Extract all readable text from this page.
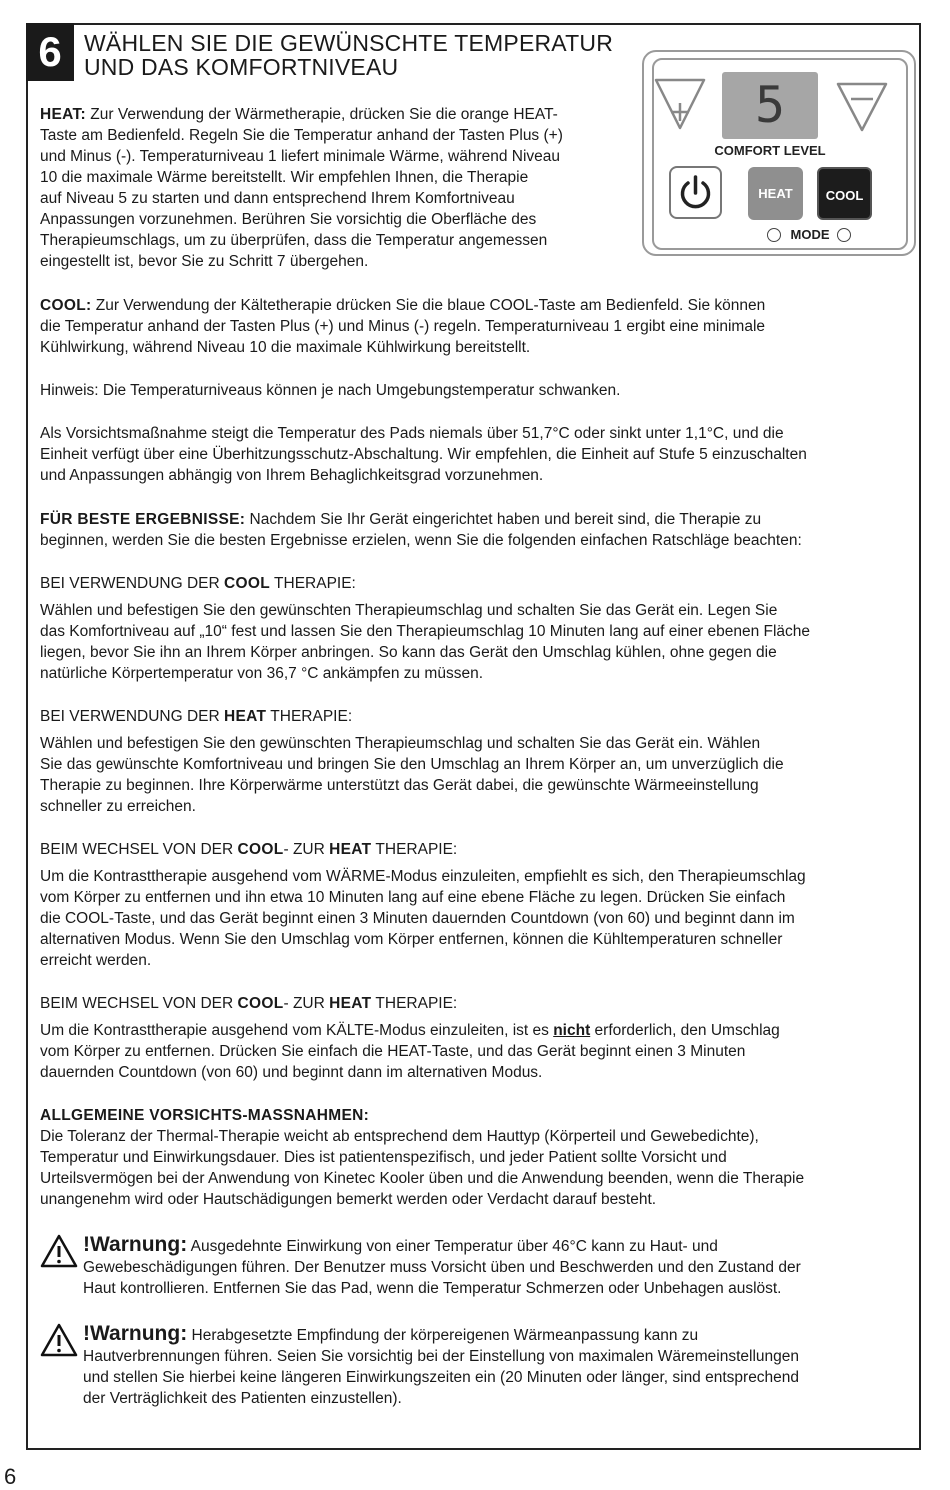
6 WÄHLEN SIE DIE GEWÜNSCHTE TEMPERATUR
UND DAS KOMFORTNIVEAU
5
COMFORT LEVEL
HEAT	COOL
MODE

HEAT: Zur Verwendung der Wärmetherapie, drücken Sie die orange HEAT-

Taste am Bedienfeld. Regeln Sie die Temperatur anhand der Tasten Plus (+)

und Minus (-). Temperaturniveau 1 liefert minimale Wärme, während Niveau

10 die maximale Wärme bereitstellt. Wir empfehlen Ihnen, die Therapie

auf Niveau 5 zu starten und dann entsprechend Ihrem Komfortniveau

Anpassungen vorzunehmen. Berühren Sie vorsichtig die Oberfläche des

Therapieumschlags, um zu überprüfen, dass die Temperatur angemessen

eingestellt ist, bevor Sie zu Schritt 7 übergehen.

COOL: Zur Verwendung der Kältetherapie drücken Sie die blaue COOL-Taste am Bedienfeld. Sie können

die Temperatur anhand der Tasten Plus (+) und Minus (-) regeln. Temperaturniveau 1 ergibt eine minimale

Kühlwirkung, während Niveau 10 die maximale Kühlwirkung bereitstellt.

Hinweis: Die Temperaturniveaus können je nach Umgebungstemperatur schwanken.

Als Vorsichtsmaßnahme steigt die Temperatur des Pads niemals über 51,7°C oder sinkt unter 1,1°C, und die

Einheit verfügt über eine Überhitzungsschutz-Abschaltung. Wir empfehlen, die Einheit auf Stufe 5 einzuschalten

und Anpassungen abhängig von Ihrem Behaglichkeitsgrad vorzunehmen.

FÜR BESTE ERGEBNISSE: Nachdem Sie Ihr Gerät eingerichtet haben und bereit sind, die Therapie zu

beginnen, werden Sie die besten Ergebnisse erzielen, wenn Sie die folgenden einfachen Ratschläge beachten:

BEI VERWENDUNG DER COOL THERAPIE:

Wählen und befestigen Sie den gewünschten Therapieumschlag und schalten Sie das Gerät ein. Legen Sie

das Komfortniveau auf „10“ fest und lassen Sie den Therapieumschlag 10 Minuten lang auf einer ebenen Fläche

liegen, bevor Sie ihn an Ihrem Körper anbringen. So kann das Gerät den Umschlag kühlen, ohne gegen die

natürliche Körpertemperatur von 36,7 °C ankämpfen zu müssen.

BEI VERWENDUNG DER HEAT THERAPIE:

Wählen und befestigen Sie den gewünschten Therapieumschlag und schalten Sie das Gerät ein. Wählen

Sie das gewünschte Komfortniveau und bringen Sie den Umschlag an Ihrem Körper an, um unverzüglich die

Therapie zu beginnen. Ihre Körperwärme unterstützt das Gerät dabei, die gewünschte Wärmeeinstellung

schneller zu erreichen.

BEIM WECHSEL VON DER COOL- ZUR HEAT THERAPIE:

Um die Kontrasttherapie ausgehend vom WÄRME-Modus einzuleiten, empfiehlt es sich, den Therapieumschlag

vom Körper zu entfernen und ihn etwa 10 Minuten lang auf eine ebene Fläche zu legen. Drücken Sie einfach

die COOL-Taste, und das Gerät beginnt einen 3 Minuten dauernden Countdown (von 60) und beginnt dann im

alternativen Modus. Wenn Sie den Umschlag vom Körper entfernen, können die Kühltemperaturen schneller

erreicht werden.

BEIM WECHSEL VON DER COOL- ZUR HEAT THERAPIE:

Um die Kontrasttherapie ausgehend vom KÄLTE-Modus einzuleiten, ist es nicht erforderlich, den Umschlag

vom Körper zu entfernen. Drücken Sie einfach die HEAT-Taste, und das Gerät beginnt einen 3 Minuten

dauernden Countdown (von 60) und beginnt dann im alternativen Modus.

ALLGEMEINE VORSICHTS-MASSNAHMEN:

Die Toleranz der Thermal-Therapie weicht ab entsprechend dem Hauttyp (Körperteil und Gewebedichte),

Temperatur und Einwirkungsdauer. Dies ist patientenspezifisch, und jeder Patient sollte Vorsicht und

Urteilsvermögen bei der Anwendung von Kinetec Kooler üben und die Anwendung beenden, wenn die Therapie

unangenehm wird oder Hautschädigungen bemerkt werden oder Verdacht darauf besteht.

!Warnung: Ausgedehnte Einwirkung von einer Temperatur über 46°C kann zu Haut- und

Gewebeschädigungen führen. Der Benutzer muss Vorsicht üben und Beschwerden und den Zustand der

Haut kontrollieren. Entfernen Sie das Pad, wenn die Temperatur Schmerzen oder Unbehagen auslöst.

!Warnung: Herabgesetzte Empfindung der körpereigenen Wärmeanpassung kann zu

Hautverbrennungen führen. Seien Sie vorsichtig bei der Einstellung von maximalen Wäremeinstellungen

und stellen Sie hierbei keine längeren Einwirkungszeiten ein (20 Minuten oder länger, sind entsprechend

der Verträglichkeit des Patienten einzustellen).

6
